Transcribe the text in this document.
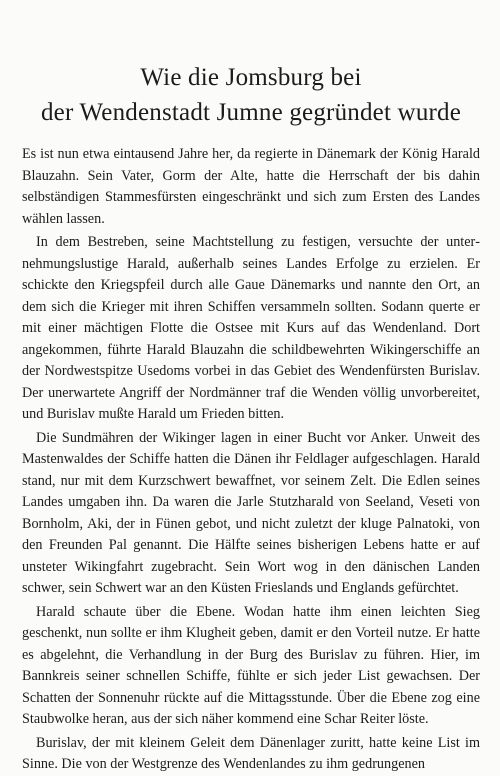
Wie die Jomsburg bei
der Wendenstadt Jumne gegründet wurde

Es ist nun etwa eintausend Jahre her, da regierte in Dänemark der König Harald Blauzahn. Sein Vater, Gorm der Alte, hatte die Herrschaft der bis dahin selbständigen Stammesfürsten eingeschränkt und sich zum Ersten des Landes wählen lassen.

In dem Bestreben, seine Machtstellung zu festigen, versuchte der unternehmungslustige Harald, außerhalb seines Landes Erfolge zu erzielen. Er schickte den Kriegspfeil durch alle Gaue Dänemarks und nannte den Ort, an dem sich die Krieger mit ihren Schiffen versammeln sollten. Sodann querte er mit einer mächtigen Flotte die Ostsee mit Kurs auf das Wendenland. Dort angekommen, führte Harald Blauzahn die schildbewehrten Wikingerschiffe an der Nordwestspitze Usedoms vorbei in das Gebiet des Wendenfürsten Burislav. Der unerwartete Angriff der Nordmänner traf die Wenden völlig unvorbereitet, und Burislav mußte Harald um Frieden bitten.

Die Sundmähren der Wikinger lagen in einer Bucht vor Anker. Unweit des Mastenwaldes der Schiffe hatten die Dänen ihr Feldlager aufgeschlagen. Harald stand, nur mit dem Kurzschwert bewaffnet, vor seinem Zelt. Die Edlen seines Landes umgaben ihn. Da waren die Jarle Stutzharald von Seeland, Veseti von Bornholm, Aki, der in Fünen gebot, und nicht zuletzt der kluge Palnatoki, von den Freunden Pal genannt. Die Hälfte seines bisherigen Lebens hatte er auf unsteter Wikingfahrt zugebracht. Sein Wort wog in den dänischen Landen schwer, sein Schwert war an den Küsten Frieslands und Englands gefürchtet.

Harald schaute über die Ebene. Wodan hatte ihm einen leichten Sieg geschenkt, nun sollte er ihm Klugheit geben, damit er den Vorteil nutze. Er hatte es abgelehnt, die Verhandlung in der Burg des Burislav zu führen. Hier, im Bannkreis seiner schnellen Schiffe, fühlte er sich jeder List gewachsen. Der Schatten der Sonnenuhr rückte auf die Mittagsstunde. Über die Ebene zog eine Staubwolke heran, aus der sich näher kommend eine Schar Reiter löste.

Burislav, der mit kleinem Geleit dem Dänenlager zuritt, hatte keine List im Sinne. Die von der Westgrenze des Wendenlandes zu ihm gedrungenen
